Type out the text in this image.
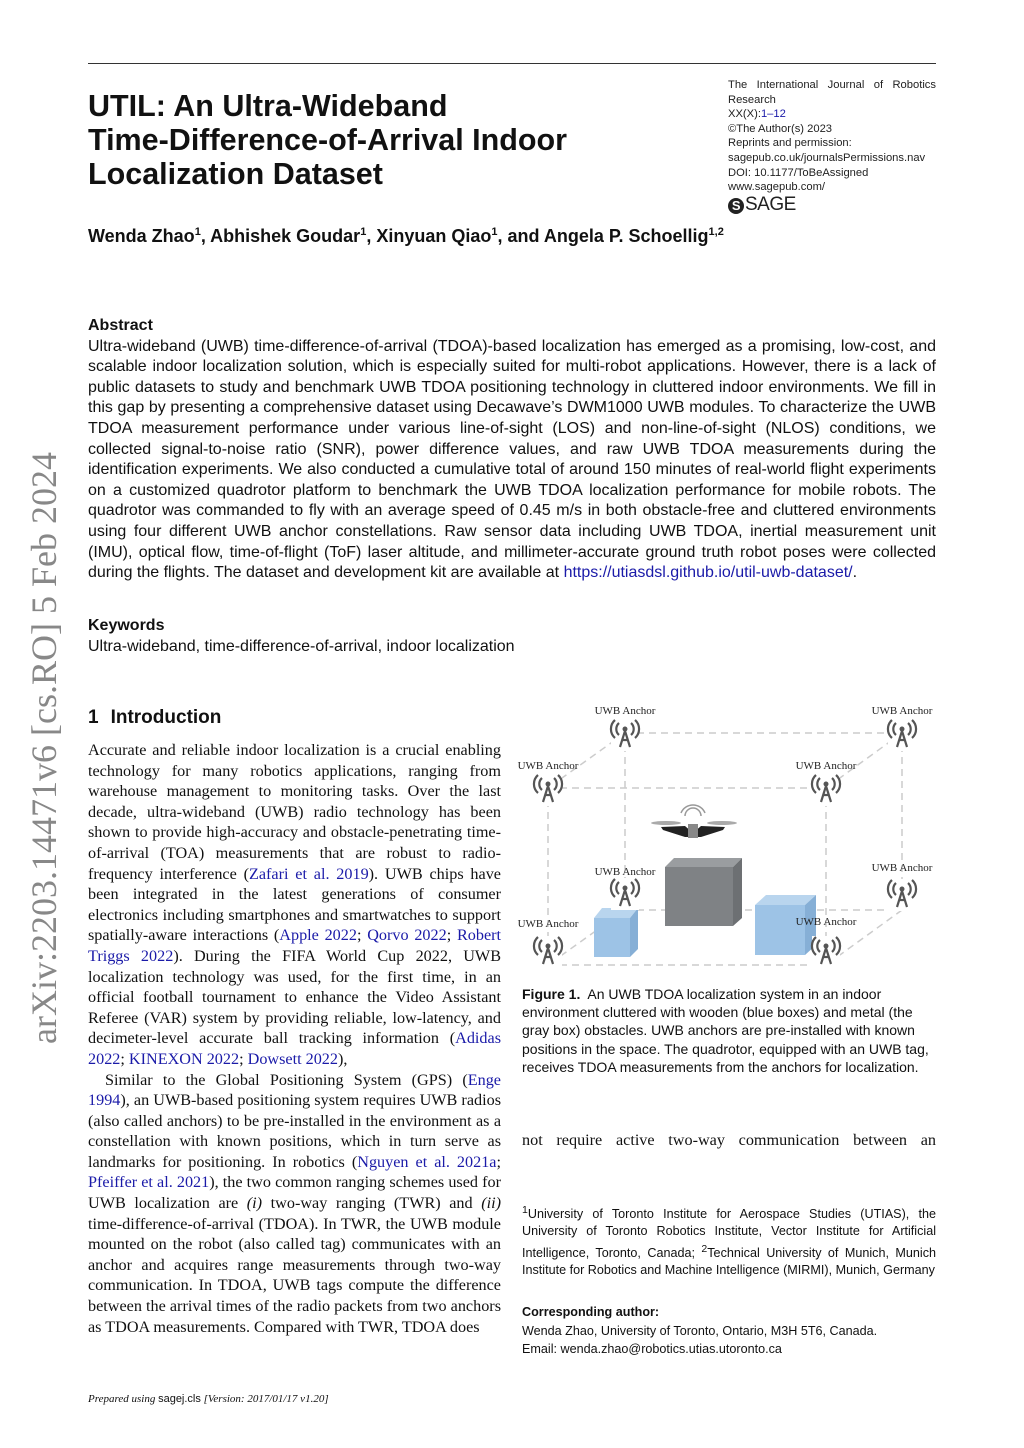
arXiv:2203.14471v6 [cs.RO] 5 Feb 2024
UTIL: An Ultra-Wideband
Time-Difference-of-Arrival Indoor
Localization Dataset
The International Journal of Robotics
Research
XX(X):1–12
©The Author(s) 2023
Reprints and permission:
sagepub.co.uk/journalsPermissions.nav
DOI: 10.1177/ToBeAssigned
www.sagepub.com/
S SAGE
Wenda Zhao$^1$, Abhishek Goudar$^1$, Xinyuan Qiao$^1$, and Angela P. Schoellig$^{1,2}$
Abstract

Ultra-wideband (UWB) time-difference-of-arrival (TDOA)-based localization has emerged as a promising, low-cost, and scalable indoor localization solution, which is especially suited for multi-robot applications. However, there is a lack of public datasets to study and benchmark UWB TDOA positioning technology in cluttered indoor environments. We fill in this gap by presenting a comprehensive dataset using Decawave’s DWM1000 UWB modules. To characterize the UWB TDOA measurement performance under various line-of-sight (LOS) and non-line-of-sight (NLOS) conditions, we collected signal-to-noise ratio (SNR), power difference values, and raw UWB TDOA measurements during the identification experiments. We also conducted a cumulative total of around 150 minutes of real-world flight experiments on a customized quadrotor platform to benchmark the UWB TDOA localization performance for mobile robots. The quadrotor was commanded to fly with an average speed of 0.45 m/s in both obstacle-free and cluttered environments using four different UWB anchor constellations. Raw sensor data including UWB TDOA, inertial measurement unit (IMU), optical flow, time-of-flight (ToF) laser altitude, and millimeter-accurate ground truth robot poses were collected during the flights. The dataset and development kit are available at https://utiasdsl.github.io/util-uwb-dataset/.

Keywords
Ultra-wideband, time-difference-of-arrival, indoor localization
1 Introduction

Accurate and reliable indoor localization is a crucial enabling technology for many robotics applications, ranging from warehouse management to monitoring tasks. Over the last decade, ultra-wideband (UWB) radio technology has been shown to provide high-accuracy and obstacle-penetrating time-of-arrival (TOA) measurements that are robust to radio-frequency interference (Zafari et al. 2019). UWB chips have been integrated in the latest generations of consumer electronics including smartphones and smartwatches to support spatially-aware interactions (Apple 2022; Qorvo 2022; Robert Triggs 2022). During the FIFA World Cup 2022, UWB localization technology was used, for the first time, in an official football tournament to enhance the Video Assistant Referee (VAR) system by providing reliable, low-latency, and decimeter-level accurate ball tracking information (Adidas 2022; KINEXON 2022; Dowsett 2022),

Similar to the Global Positioning System (GPS) (Enge 1994), an UWB-based positioning system requires UWB radios (also called anchors) to be pre-installed in the environment as a constellation with known positions, which in turn serve as landmarks for positioning. In robotics (Nguyen et al. 2021a; Pfeiffer et al. 2021), the two common ranging schemes used for UWB localization are (i) two-way ranging (TWR) and (ii) time-difference-of-arrival (TDOA). In TWR, the UWB module mounted on the robot (also called tag) communicates with an anchor and acquires range measurements through two-way communication. In TDOA, UWB tags compute the difference between the arrival times of the radio packets from two anchors as TDOA measurements. Compared with TWR, TDOA does

UWB Anchor	UWB Anchor
UWB Anchor	UWB Anchor
UWB Anchor	UWB Anchor
UWB Anchor	UWB Anchor
Figure 1. An UWB TDOA localization system in an indoor environment cluttered with wooden (blue boxes) and metal (the gray box) obstacles. UWB anchors are pre-installed with known positions in the space. The quadrotor, equipped with an UWB tag, receives TDOA measurements from the anchors for localization.
not require active two-way communication between an
$^1$University of Toronto Institute for Aerospace Studies (UTIAS), the University of Toronto Robotics Institute, Vector Institute for Artificial Intelligence, Toronto, Canada; $^2$Technical University of Munich, Munich Institute for Robotics and Machine Intelligence (MIRMI), Munich, Germany
Corresponding author:
Wenda Zhao, University of Toronto, Ontario, M3H 5T6, Canada.
Email: wenda.zhao@robotics.utias.utoronto.ca
Prepared using sagej.cls [Version: 2017/01/17 v1.20]
